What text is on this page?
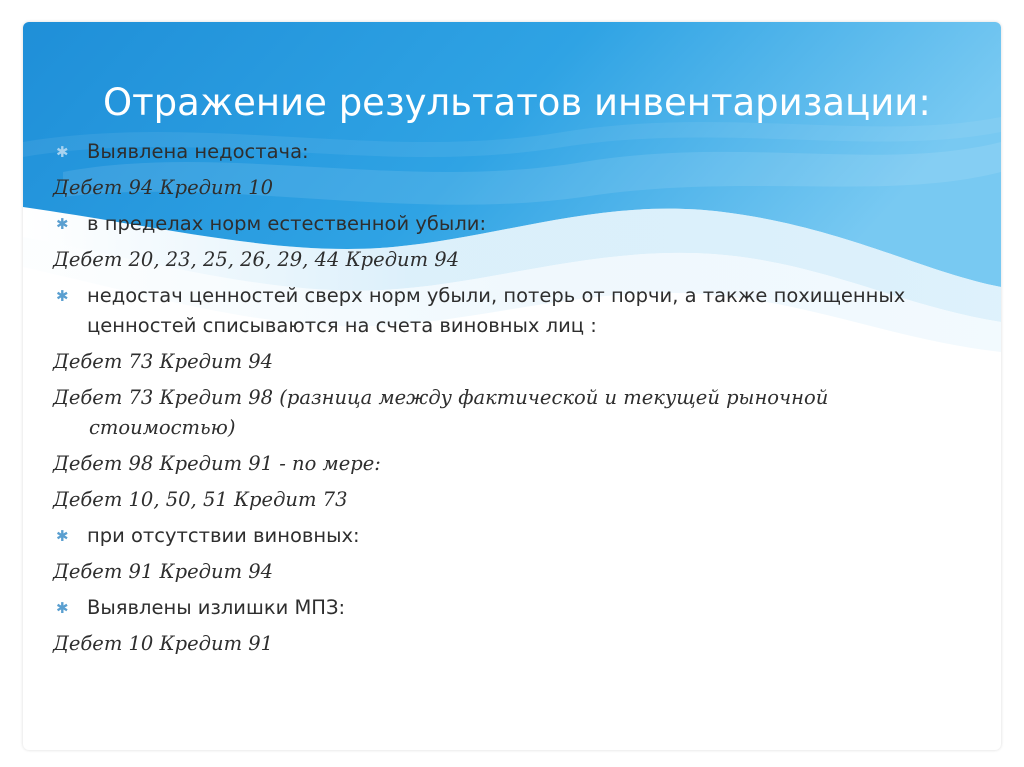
Отражение результатов инвентаризации:
✱ Выявлена недостача:
Дебет 94 Кредит 10
✱ в пределах норм естественной убыли:
Дебет 20, 23, 25, 26, 29, 44 Кредит 94
✱ недостач ценностей сверх норм убыли, потерь от порчи, а также похищенных ценностей списываются на счета виновных лиц :
Дебет 73 Кредит 94
Дебет 73 Кредит 98 (разница между фактической и текущей рыночной стоимостью)
Дебет 98 Кредит 91 - по мере:
Дебет 10, 50, 51 Кредит 73
✱ при отсутствии виновных:
Дебет 91 Кредит 94
✱ Выявлены излишки МПЗ:
Дебет 10 Кредит 91
